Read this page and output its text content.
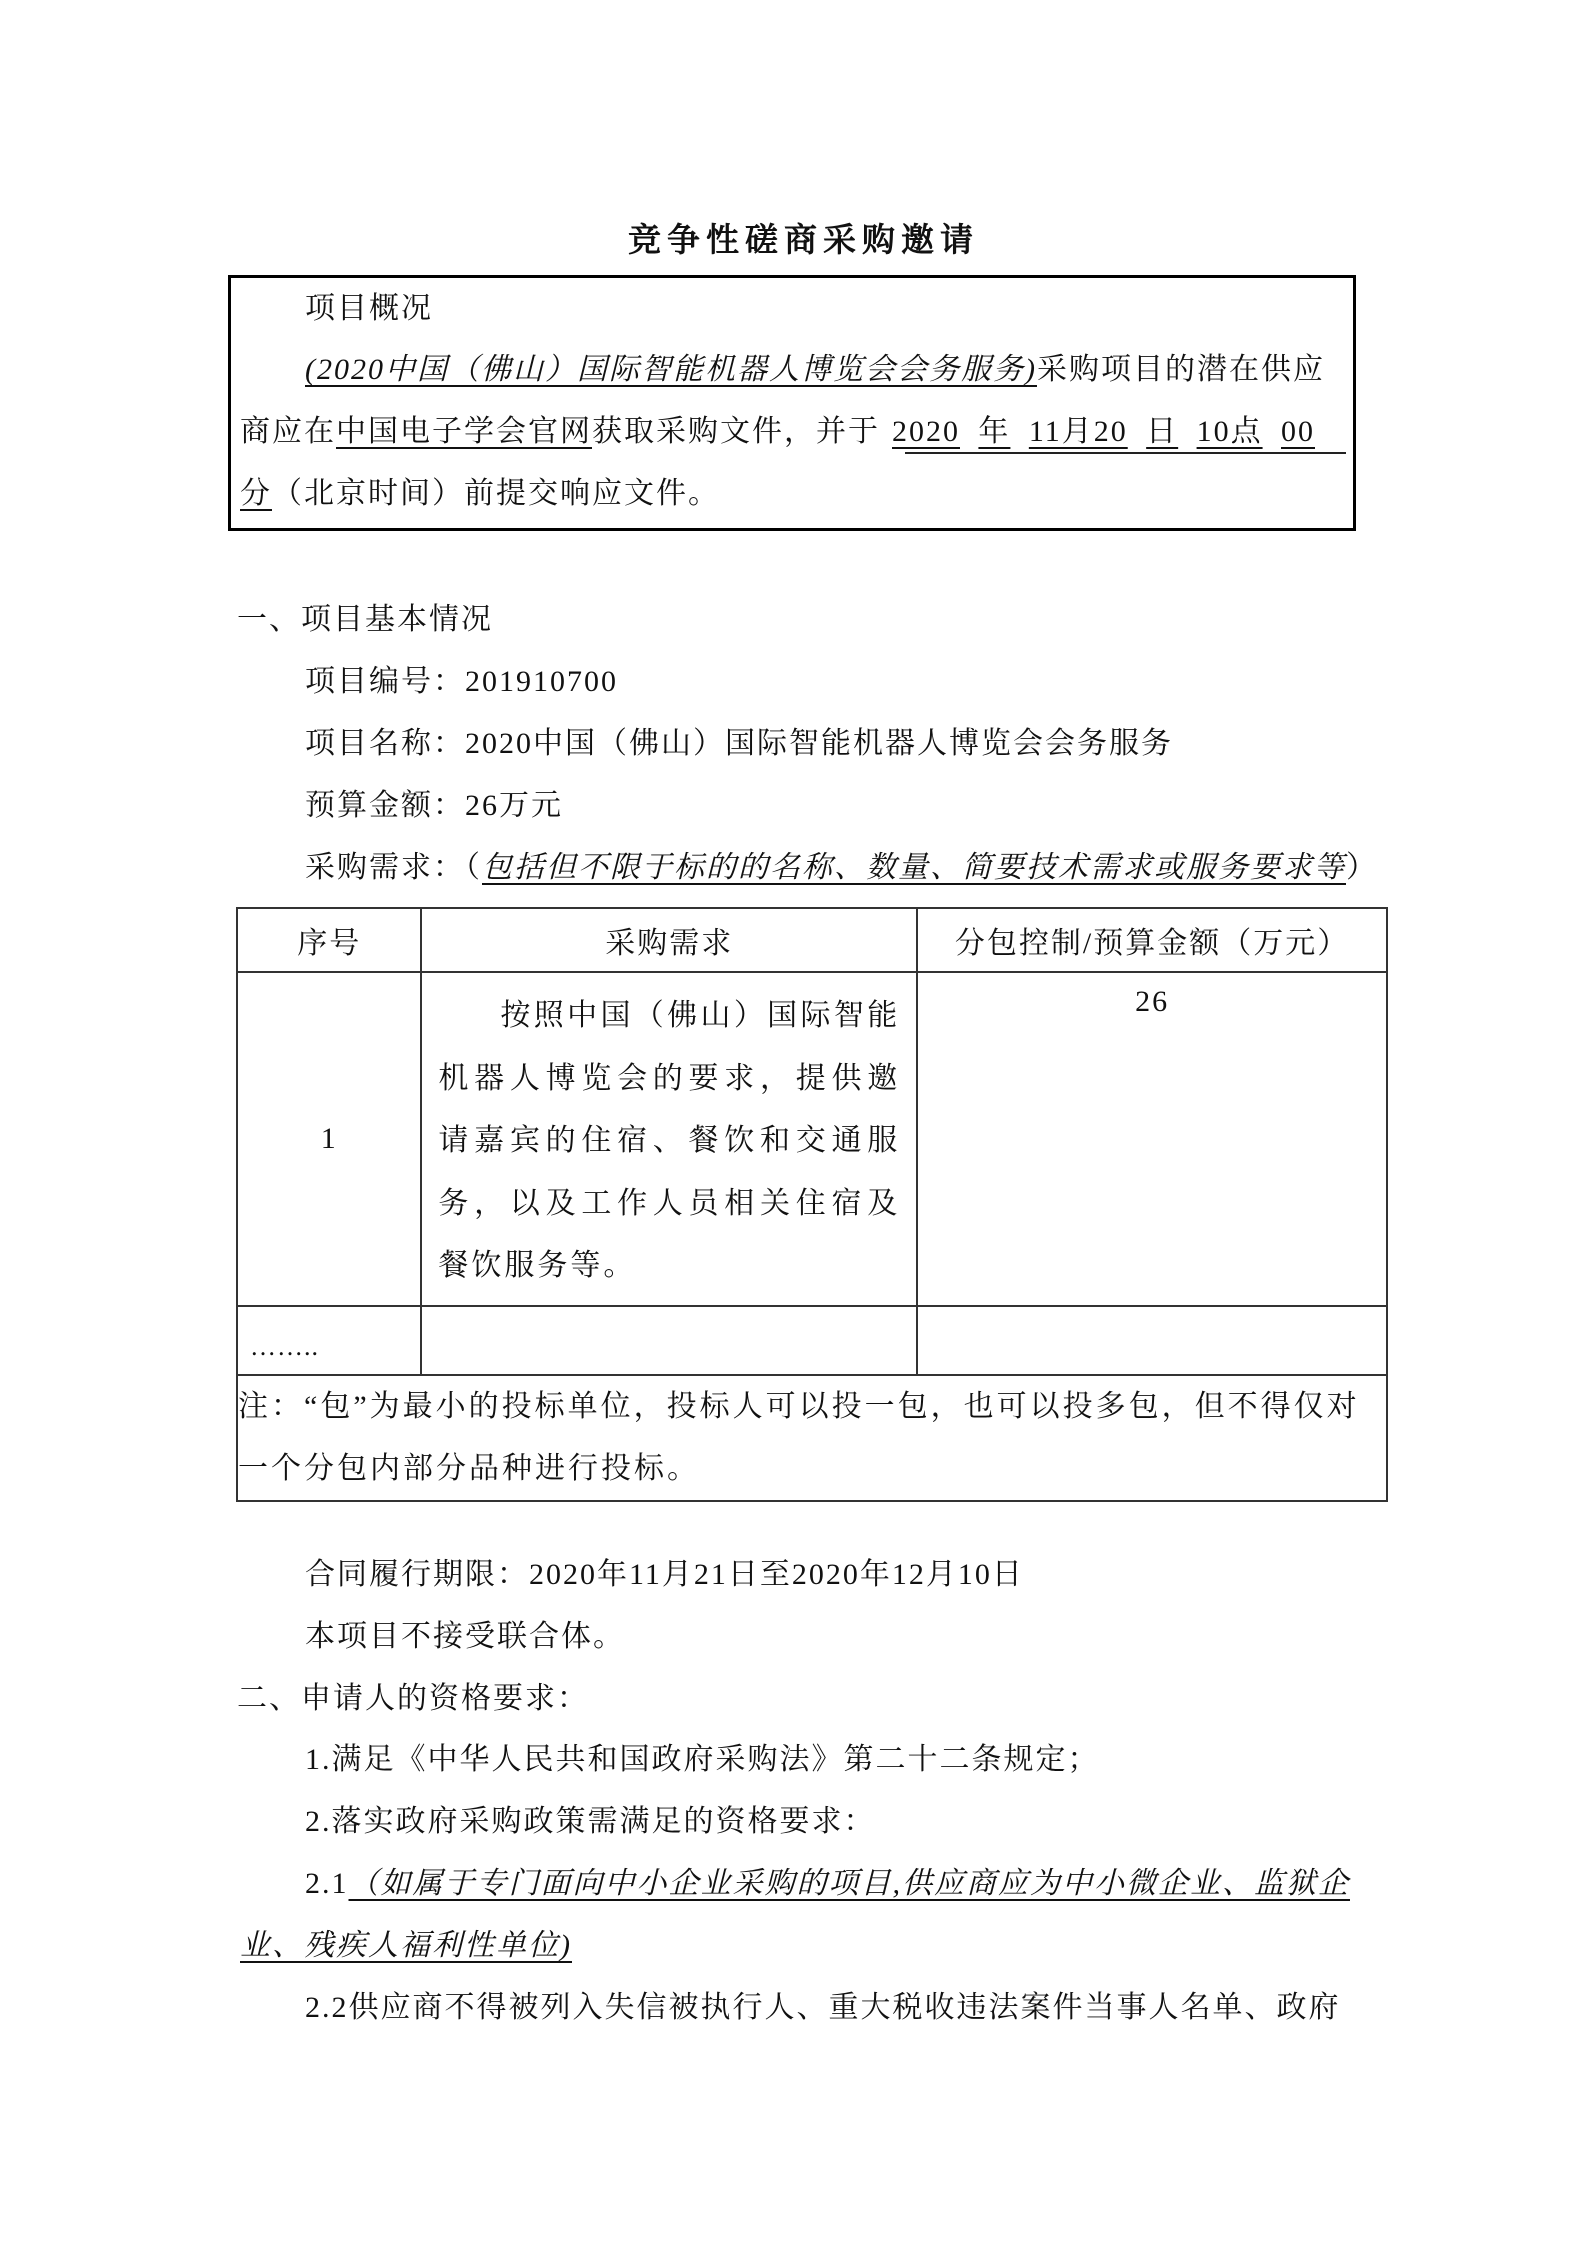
竞争性磋商采购邀请
项目概况
(2020中国（佛山）国际智能机器人博览会会务服务) 采购项目的潜在供应
商应在中国电子学会官网获取采购文件，并于 2020 年 11月20 日 10点 00
分（北京时间）前提交响应文件。
一、项目基本情况
项目编号：201910700
项目名称：2020中国（佛山）国际智能机器人博览会会务服务
预算金额：26万元
采购需求：（包括但不限于标的的名称、数量、简要技术需求或服务要求等）
序号	采购需求	分包控制/预算金额（万元）
1	按照中国（佛山）国际智能机器人博览会的要求，提供邀请嘉宾的住宿、餐饮和交通服务，以及工作人员相关住宿及餐饮服务等。	26
……..		
注：“包”为最小的投标单位，投标人可以投一包，也可以投多包，但不得仅对一个分包内部分品种进行投标。		
合同履行期限：2020年11月21日至2020年12月10日
本项目不接受联合体。
二、申请人的资格要求：
1.满足《中华人民共和国政府采购法》第二十二条规定；
2.落实政府采购政策需满足的资格要求：
2.1（如属于专门面向中小企业采购的项目,供应商应为中小微企业、监狱企
业、残疾人福利性单位)
2.2供应商不得被列入失信被执行人、重大税收违法案件当事人名单、政府
